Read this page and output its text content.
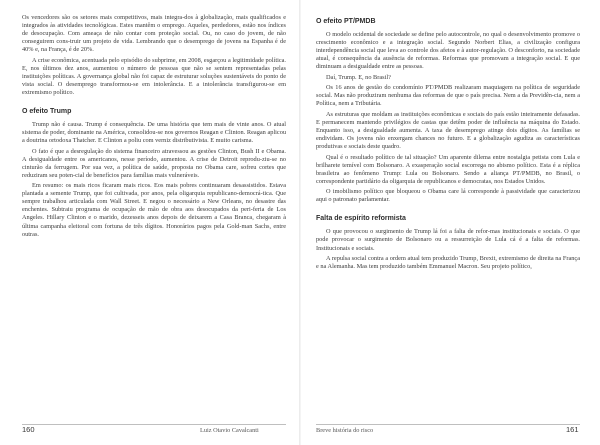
Os vencedores são os setores mais competitivos, mais integra-dos à globalização, mais qualificados e integrados às atividades tecnológicas. Estes mantêm o emprego. Aqueles, perdedores, estão nos índices de desocupação. Com ameaça de não contar com proteção social. Ou, no caso do jovem, de não conseguirem cons-truir um projeto de vida. Lembrando que o desemprego de jovens na Espanha é de 40% e, na França, é de 20%.

A crise econômica, acentuada pelo episódio do subprime, em 2008, esgarçou a legitimidade política. E, nos últimos dez anos, aumentou o número de pessoas que não se sentem representadas pelas instituições políticas. A governança global não foi capaz de estruturar soluções sustentáveis do ponto de vista social. O desemprego transformou-se em intolerância. E a intolerância transfigurou-se em extremismo político.

O efeito Trump

Trump não é causa. Trump é consequência. De uma história que tem mais de vinte anos. O atual sistema de poder, dominante na América, consolidou-se nos governos Reagan e Clinton. Reagan aplicou a doutrina ortodoxa Thatcher. E Clinton a poliu com verniz distributivista. E muito carisma.

O fato é que a desregulação do sistema financeiro atravessou as gestões Clinton, Bush II e Obama. A desigualdade entre os americanos, nesse período, aumentou. A crise de Detroit reprodu-ziu-se no cinturão da ferrugem. Por sua vez, a política de saúde, proposta no Obama care, sofreu cortes que reduziram seu poten-cial de benefícios para famílias mais vulneráveis.

Em resumo: os mais ricos ficaram mais ricos. Eos mais pobres continuaram desassistidos. Estava plantada a semente Trump, que foi cultivada, por anos, pela oligarquia republicano-democrá-tica. Que sempre trabalhou articulada com Wall Street. E negou o necessário a New Orleans, no desastre das enchentes. Subtraiu programa de ocupação de mão de obra aos desocupados da peri-feria de Los Angeles. Hillary Clinton e o marido, dezesseis anos depois de deixarem a Casa Branca, chegaram à última campanha eleitoral com fortuna de três dígitos. Honorários pagos pela Gold-man Sachs, entre outras.

160	Luiz Otavio Cavalcanti
O efeito PT/PMDB

O modelo ocidental de sociedade se define pelo autocontrole, no qual o desenvolvimento promove o crescimento econômico e a integração social. Segundo Norbert Elias, a civilização configura interdependência social que leva ao controle dos afetos e à autor-regulação. O desconforto, na sociedade atual, é consequência da ausência de reformas. Reformas que promovam a integração social. E que diminuam a desigualdade entre as pessoas.

Daí, Trump. E, no Brasil?

Os 16 anos de gestão do condomínio PT/PMDB realizaram maquiagem na política de seguridade social. Mas não produziram nenhuma das reformas de que o país precisa. Nem a da Previdên-cia, nem a Política, nem a Tributária.

As estruturas que moldam as instituições econômicas e sociais do país estão inteiramente defasadas. E permanecem mantendo privilégios de castas que detêm poder de influência na máquina do Estado. Enquanto isso, a desigualdade aumenta. A taxa de desemprego atinge dois dígitos. As famílias se endividam. Os jovens não enxergam chances no futuro. E a globalização agudiza as características produtivas e sociais deste quadro.

Qual é o resultado político de tal situação? Um aparente dilema entre nostalgia petista com Lula e brilharete temível com Bolsonaro. A exasperação social escorrega no abismo político. Esta é a réplica brasileira ao fenômeno Trump: Lula ou Bolsonaro. Sendo a aliança PT/PMDB, no Brasil, o correspondente partidário da oligarquia de republicanos e democratas, nos Estados Unidos.

O imobilismo político que bloqueou o Obama care lá corresponde à passividade que caracterizou aqui o patronato parlamentar.

Falta de espírito reformista

O que provocou o surgimento de Trump lá foi a falta de refor-mas institucionais e sociais. O que pode provocar o surgimento de Bolsonaro ou a ressurreição de Lula cá é a falta de reformas. Institucionais e sociais.

A repulsa social contra a ordem atual tem produzido Trump, Brexit, extremismo de direita na França e na Alemanha. Mas tem produzido também Emmanuel Macron. Seu projeto político,

Breve história do risco	161
